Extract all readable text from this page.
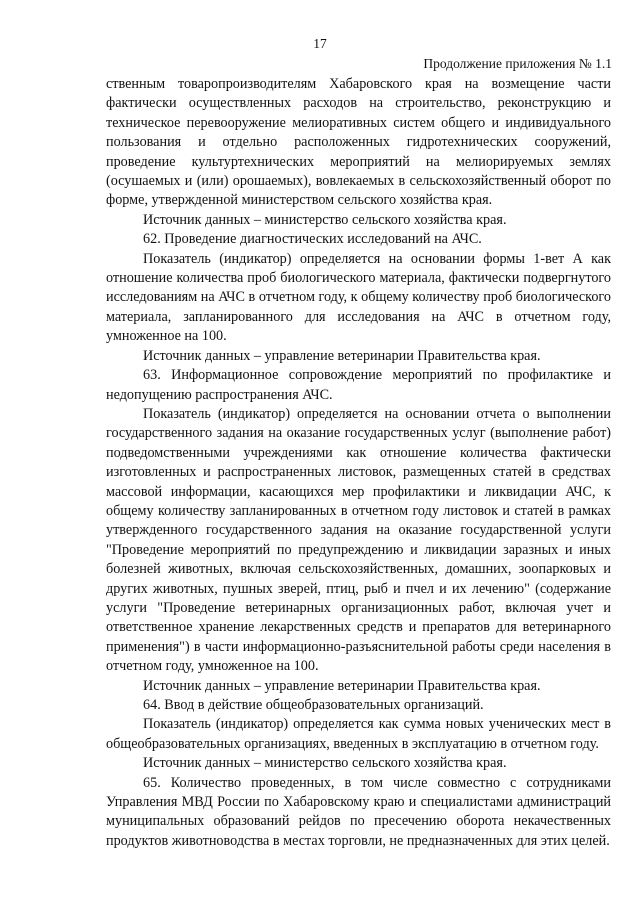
17
Продолжение приложения № 1.1

ственным товаропроизводителям Хабаровского края на возмещение части фактически осуществленных расходов на строительство, реконструкцию и техническое перевооружение мелиоративных систем общего и индивидуального пользования и отдельно расположенных гидротехнических сооружений, проведение культуртехнических мероприятий на мелиорируемых землях (осушаемых и (или) орошаемых), вовлекаемых в сельскохозяйственный оборот по форме, утвержденной министерством сельского хозяйства края.

Источник данных – министерство сельского хозяйства края.

62. Проведение диагностических исследований на АЧС.

Показатель (индикатор) определяется на основании формы 1-вет А как отношение количества проб биологического материала, фактически подвергнутого исследованиям на АЧС в отчетном году, к общему количеству проб биологического материала, запланированного для исследования на АЧС в отчетном году, умноженное на 100.

Источник данных – управление ветеринарии Правительства края.

63. Информационное сопровождение мероприятий по профилактике и недопущению распространения АЧС.

Показатель (индикатор) определяется на основании отчета о выполнении государственного задания на оказание государственных услуг (выполнение работ) подведомственными учреждениями как отношение количества фактически изготовленных и распространенных листовок, размещенных статей в средствах массовой информации, касающихся мер профилактики и ликвидации АЧС, к общему количеству запланированных в отчетном году листовок и статей в рамках утвержденного государственного задания на оказание государственной услуги "Проведение мероприятий по предупреждению и ликвидации заразных и иных болезней животных, включая сельскохозяйственных, домашних, зоопарковых и других животных, пушных зверей, птиц, рыб и пчел и их лечению" (содержание услуги "Проведение ветеринарных организационных работ, включая учет и ответственное хранение лекарственных средств и препаратов для ветеринарного применения") в части информационно-разъяснительной работы среди населения в отчетном году, умноженное на 100.

Источник данных – управление ветеринарии Правительства края.

64. Ввод в действие общеобразовательных организаций.

Показатель (индикатор) определяется как сумма новых ученических мест в общеобразовательных организациях, введенных в эксплуатацию в отчетном году.

Источник данных – министерство сельского хозяйства края.

65. Количество проведенных, в том числе совместно с сотрудниками Управления МВД России по Хабаровскому краю и специалистами администраций муниципальных образований рейдов по пресечению оборота некачественных продуктов животноводства в местах торговли, не предназначенных для этих целей.
